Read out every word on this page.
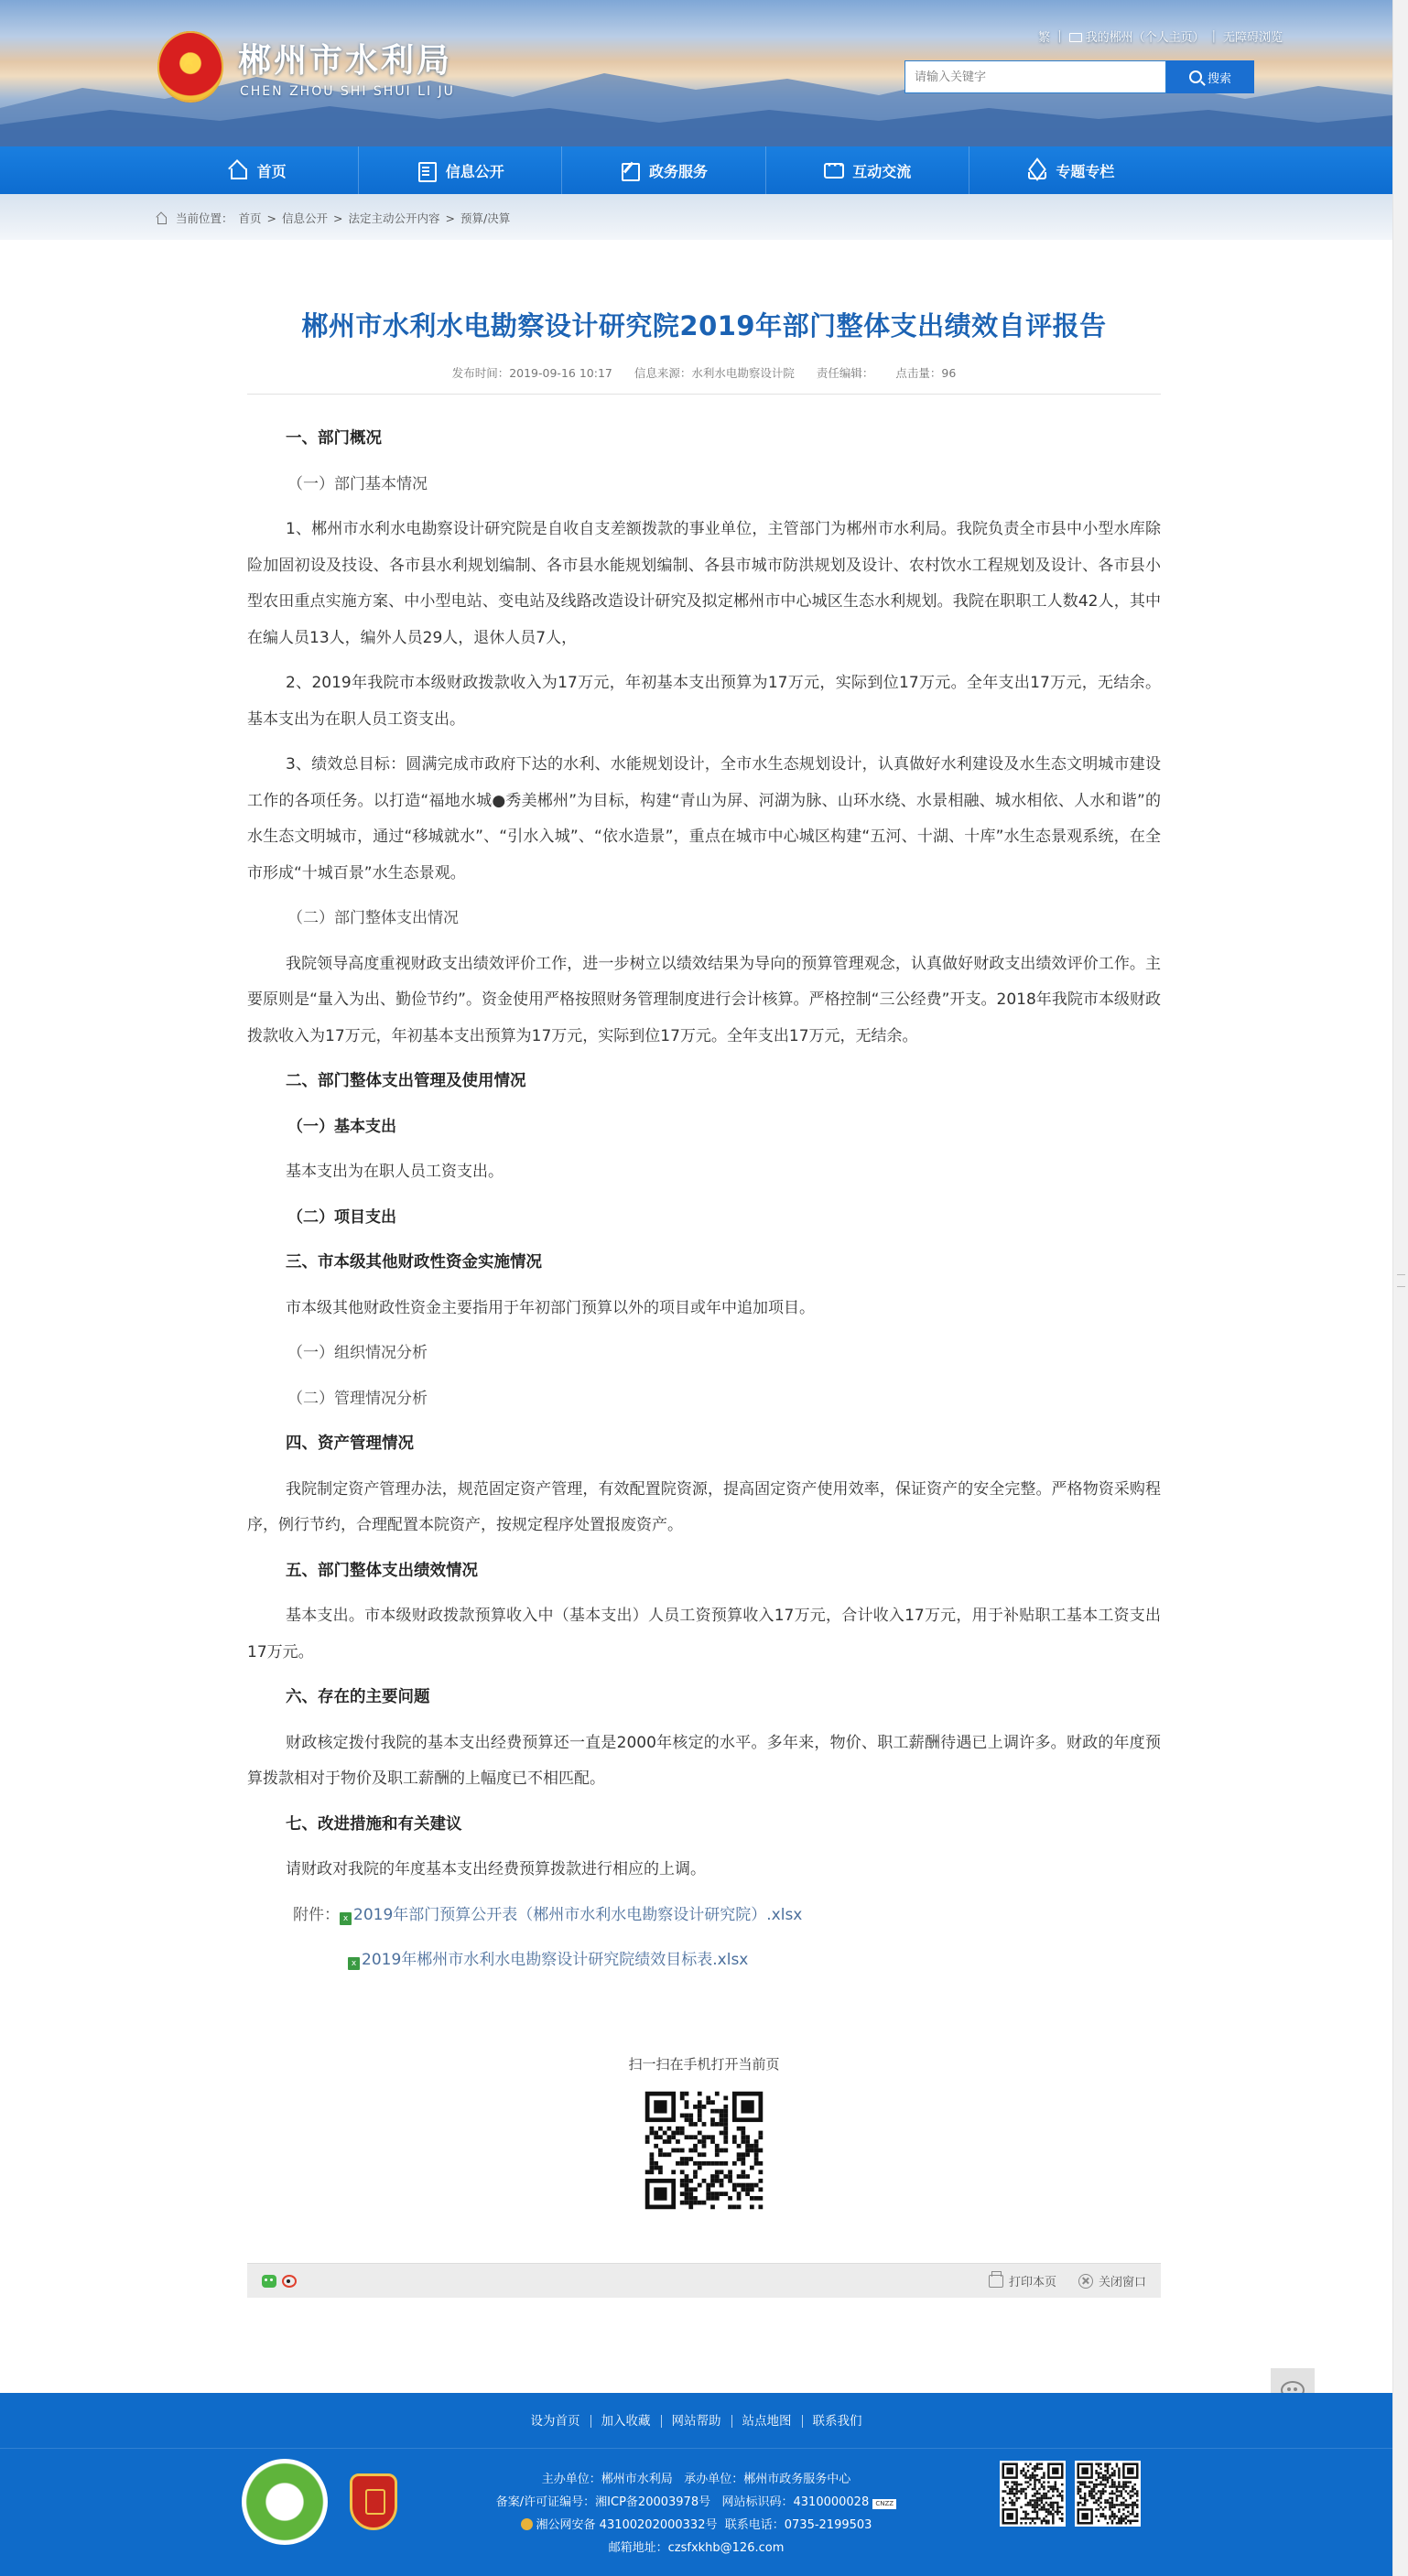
★ 郴州市水利局
CHEN ZHOU SHI SHUI LI JU
繁 |	我的郴州（个人主页） | 无障碍浏览
请输入关键字
搜索
首页	信息公开	政务服务
···	互动交流	专题专栏
当前位置： 首页 > 信息公开 > 法定主动公开内容 > 预算/决算
郴州市水利水电勘察设计研究院2019年部门整体支出绩效自评报告
发布时间：2019-09-16 10:17 信息来源：水利水电勘察设计院 责任编辑： 点击量：96

一、部门概况

（一）部门基本情况

1、郴州市水利水电勘察设计研究院是自收自支差额拨款的事业单位，主管部门为郴州市水利局。我院负责全市县中小型水库除险加固初设及技设、各市县水利规划编制、各市县水能规划编制、各县市城市防洪规划及设计、农村饮水工程规划及设计、各市县小型农田重点实施方案、中小型电站、变电站及线路改造设计研究及拟定郴州市中心城区生态水利规划。我院在职职工人数42人，其中在编人员13人，编外人员29人，退休人员7人，

2、2019年我院市本级财政拨款收入为17万元，年初基本支出预算为17万元，实际到位17万元。全年支出17万元，无结余。基本支出为在职人员工资支出。

3、绩效总目标：圆满完成市政府下达的水利、水能规划设计，全市水生态规划设计，认真做好水利建设及水生态文明城市建设工作的各项任务。以打造“福地水城●秀美郴州”为目标，构建“青山为屏、河湖为脉、山环水绕、水景相融、城水相依、人水和谐”的水生态文明城市，通过“移城就水”、“引水入城”、“依水造景”，重点在城市中心城区构建“五河、十湖、十库”水生态景观系统，在全市形成“十城百景”水生态景观。

（二）部门整体支出情况

我院领导高度重视财政支出绩效评价工作，进一步树立以绩效结果为导向的预算管理观念，认真做好财政支出绩效评价工作。主要原则是“量入为出、勤俭节约”。资金使用严格按照财务管理制度进行会计核算。严格控制“三公经费”开支。2018年我院市本级财政拨款收入为17万元，年初基本支出预算为17万元，实际到位17万元。全年支出17万元，无结余。

二、部门整体支出管理及使用情况

（一）基本支出

基本支出为在职人员工资支出。

（二）项目支出

三、市本级其他财政性资金实施情况

市本级其他财政性资金主要指用于年初部门预算以外的项目或年中追加项目。

（一）组织情况分析

（二）管理情况分析

四、资产管理情况

我院制定资产管理办法，规范固定资产管理，有效配置院资源，提高固定资产使用效率，保证资产的安全完整。严格物资采购程序，例行节约，合理配置本院资产，按规定程序处置报废资产。

五、部门整体支出绩效情况

基本支出。市本级财政拨款预算收入中（基本支出）人员工资预算收入17万元，合计收入17万元，用于补贴职工基本工资支出17万元。

六、存在的主要问题

财政核定拨付我院的基本支出经费预算还一直是2000年核定的水平。多年来，物价、职工薪酬待遇已上调许多。财政的年度预算拨款相对于物价及职工薪酬的上幅度已不相匹配。

七、改进措施和有关建议

请财政对我院的年度基本支出经费预算拨款进行相应的上调。

附件： x 2019年部门预算公开表（郴州市水利水电勘察设计研究院）.xlsx

x 2019年郴州市水利水电勘察设计研究院绩效目标表.xlsx

扫一扫在手机打开当前页
打印本页	关闭窗口
设为首页	加入收藏	网站帮助	站点地图	联系我们
主办单位：郴州市水利局 承办单位：郴州市政务服务中心
备案/许可证编号：湘ICP备20003978号 网站标识码：4310000028 CNZZ
湘公网安备 43100202000332号 联系电话：0735-2199503
邮箱地址：czsfxkhb@126.com
